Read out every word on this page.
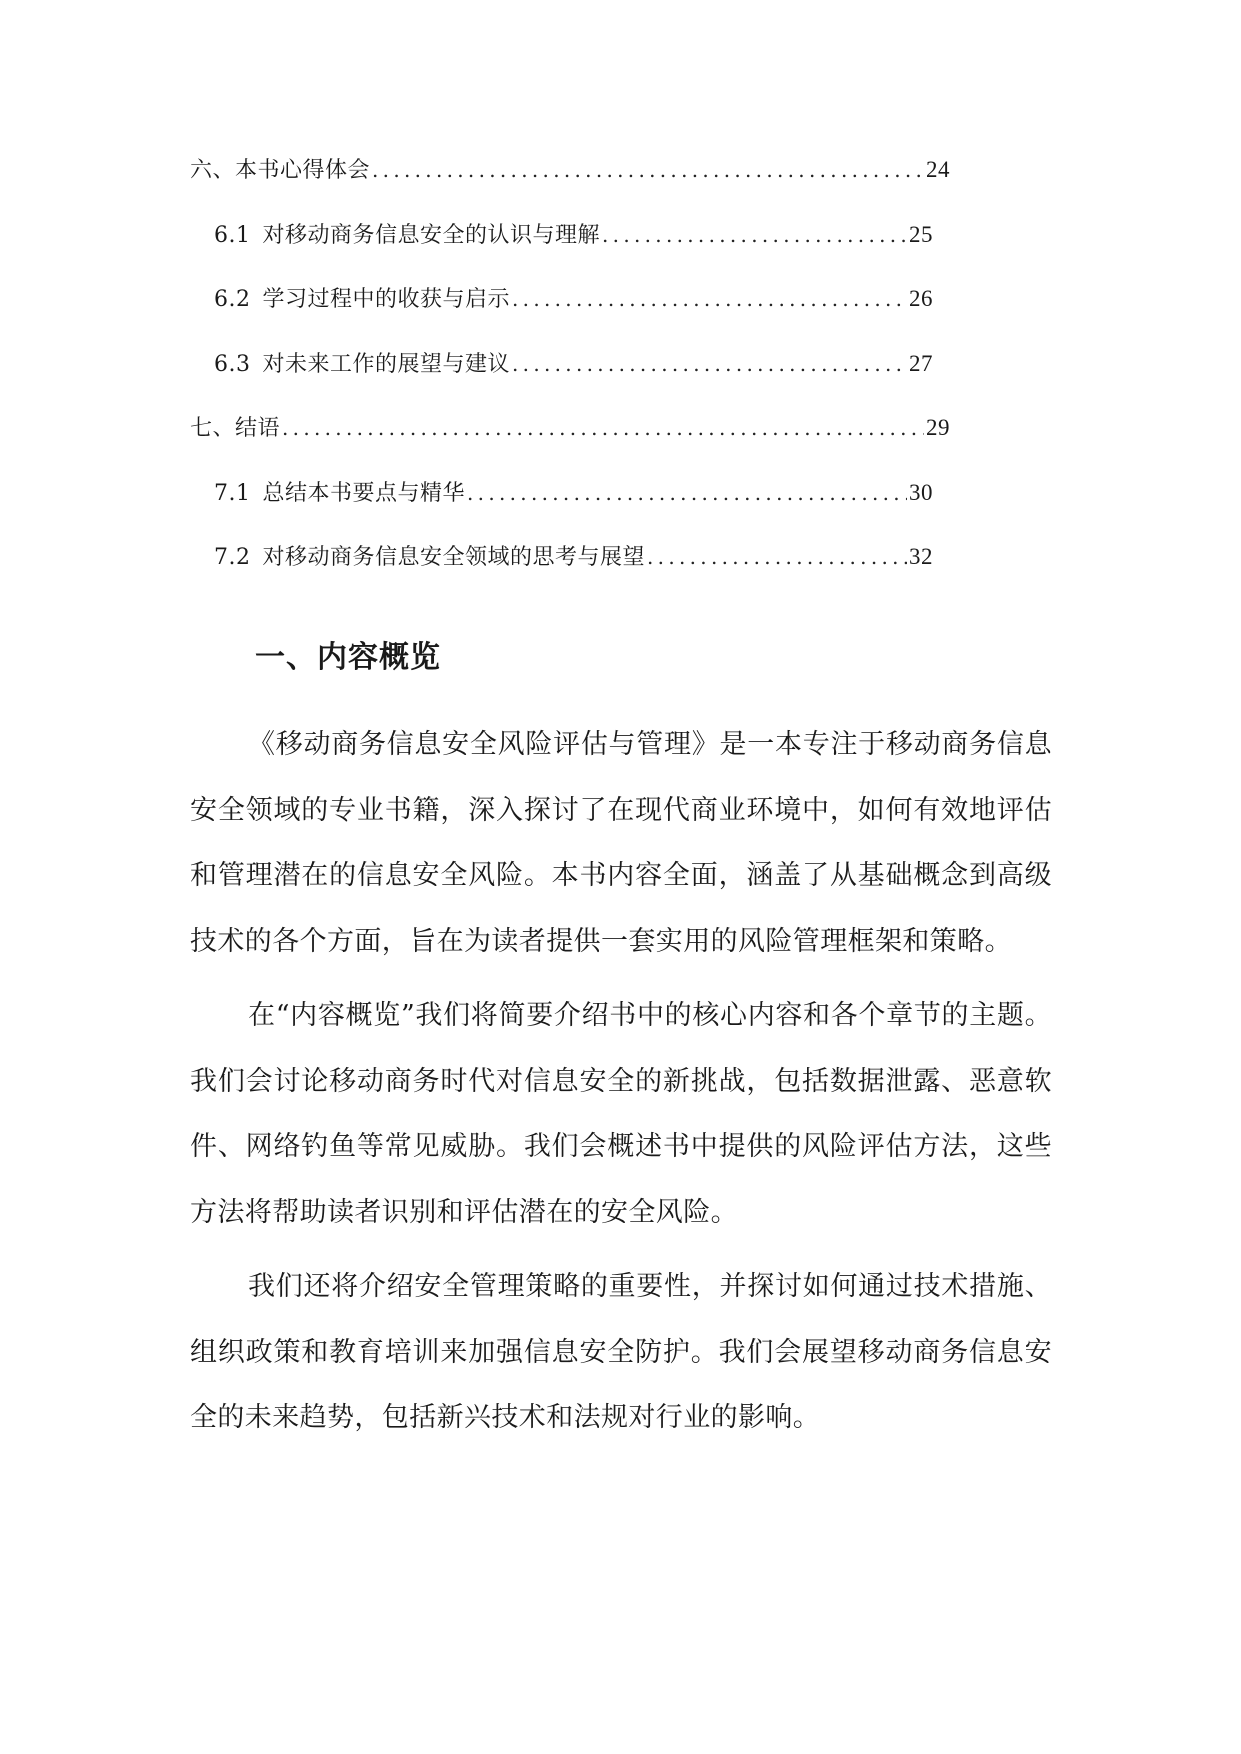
六、本书心得体会 .....	24
6.1 对移动商务信息安全的认识与理解 .....	25
6.2 学习过程中的收获与启示 .....	26
6.3 对未来工作的展望与建议 .....	27
七、结语 .....	29
7.1 总结本书要点与精华 .....	30
7.2 对移动商务信息安全领域的思考与展望 .....	32
一、内容概览

《移动商务信息安全风险评估与管理》是一本专注于移动商务信息安全领域的专业书籍，深入探讨了在现代商业环境中，如何有效地评估和管理潜在的信息安全风险。本书内容全面，涵盖了从基础概念到高级技术的各个方面，旨在为读者提供一套实用的风险管理框架和策略。

在“内容概览”我们将简要介绍书中的核心内容和各个章节的主题。我们会讨论移动商务时代对信息安全的新挑战，包括数据泄露、恶意软件、网络钓鱼等常见威胁。我们会概述书中提供的风险评估方法，这些方法将帮助读者识别和评估潜在的安全风险。

我们还将介绍安全管理策略的重要性，并探讨如何通过技术措施、组织政策和教育培训来加强信息安全防护。我们会展望移动商务信息安全的未来趋势，包括新兴技术和法规对行业的影响。
